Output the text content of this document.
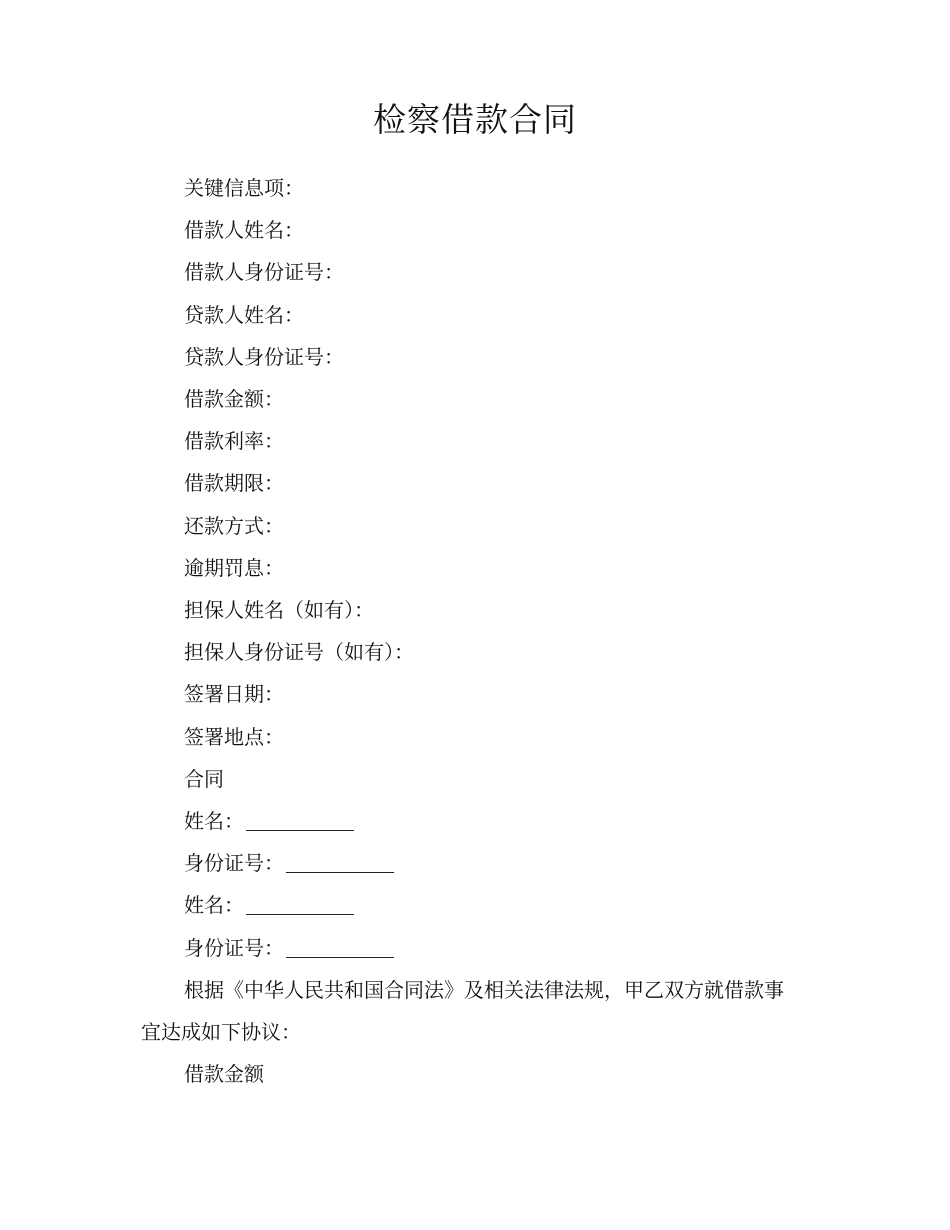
检察借款合同
关键信息项：
借款人姓名：
借款人身份证号：
贷款人姓名：
贷款人身份证号：
借款金额：
借款利率：
借款期限：
还款方式：
逾期罚息：
担保人姓名（如有）：
担保人身份证号（如有）：
签署日期：
签署地点：
合同
姓名：
身份证号：
姓名：
身份证号：
根据《中华人民共和国合同法》及相关法律法规，甲乙双方就借款事宜达成如下协议：
借款金额
